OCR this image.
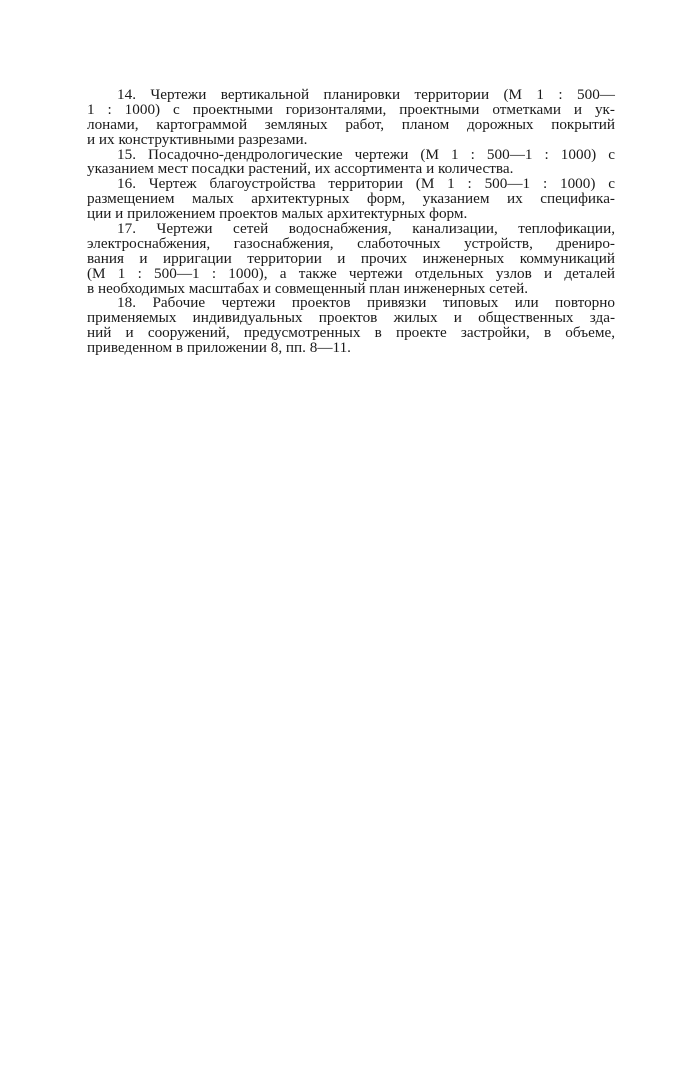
14. Чертежи вертикальной планировки территории (М 1 : 500—
1 : 1000) с проектными горизонталями, проектными отметками и ук-
лонами, картограммой земляных работ, планом дорожных покрытий
и их конструктивными разрезами.
15. Посадочно-дендрологические чертежи (М 1 : 500—1 : 1000) с
указанием мест посадки растений, их ассортимента и количества.
16. Чертеж благоустройства территории (М 1 : 500—1 : 1000) с
размещением малых архитектурных форм, указанием их специфика-
ции и приложением проектов малых архитектурных форм.
17. Чертежи сетей водоснабжения, канализации, теплофикации,
электроснабжения, газоснабжения, слаботочных устройств, дрениро-
вания и ирригации территории и прочих инженерных коммуникаций
(М 1 : 500—1 : 1000), а также чертежи отдельных узлов и деталей
в необходимых масштабах и совмещенный план инженерных сетей.
18. Рабочие чертежи проектов привязки типовых или повторно
применяемых индивидуальных проектов жилых и общественных зда-
ний и сооружений, предусмотренных в проекте застройки, в объеме,
приведенном в приложении 8, пп. 8—11.
